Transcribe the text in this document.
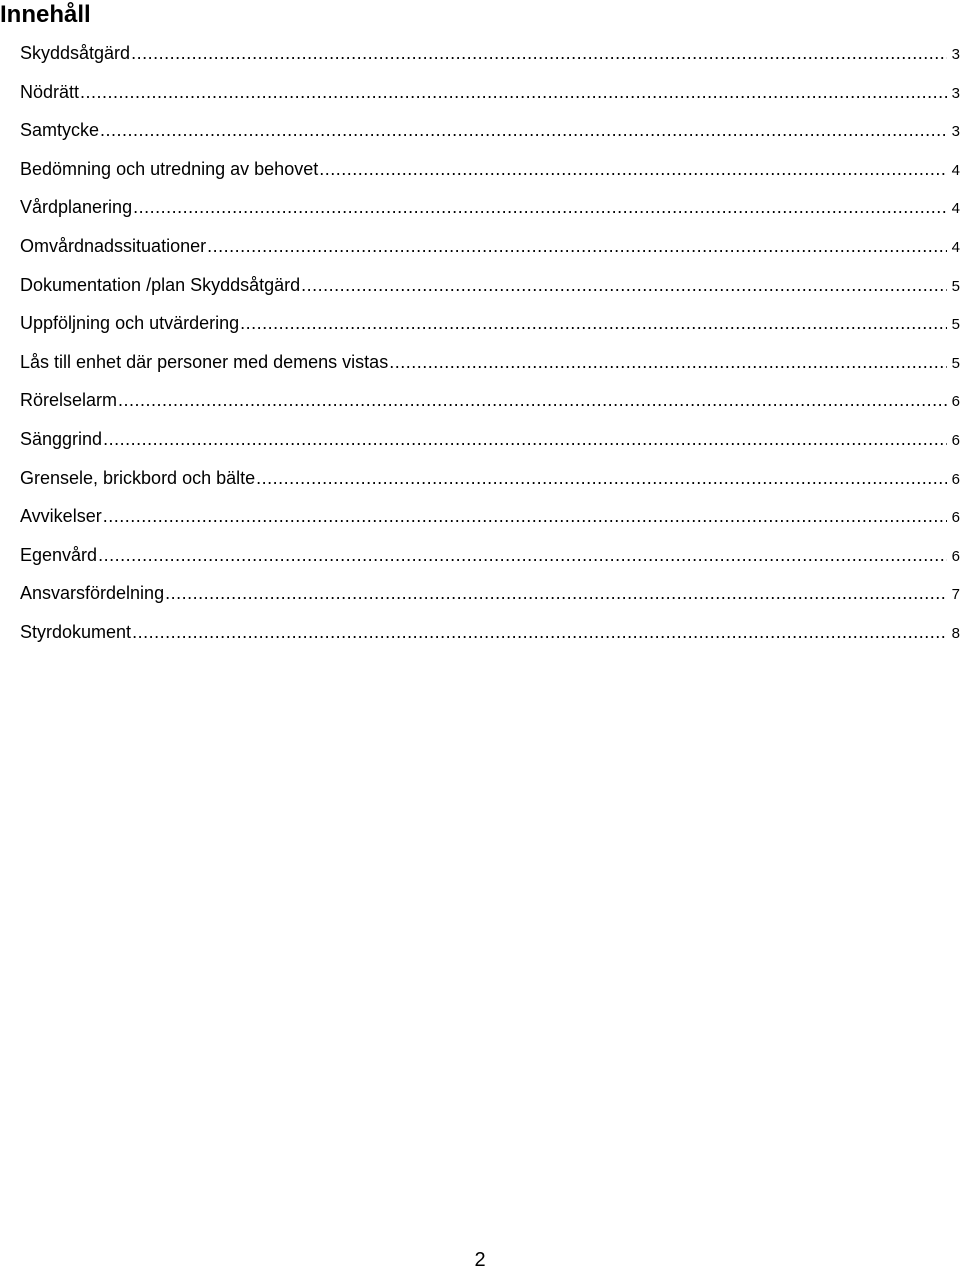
Innehåll
Skyddsåtgärd .....	3
Nödrätt .....	3
Samtycke .....	3
Bedömning och utredning av behovet .....	4
Vårdplanering .....	4
Omvårdnadssituationer .....	4
Dokumentation /plan Skyddsåtgärd .....	5
Uppföljning och utvärdering .....	5
Lås till enhet där personer med demens vistas .....	5
Rörelselarm .....	6
Sänggrind .....	6
Grensele, brickbord och bälte .....	6
Avvikelser .....	6
Egenvård .....	6
Ansvarsfördelning .....	7
Styrdokument .....	8
2
